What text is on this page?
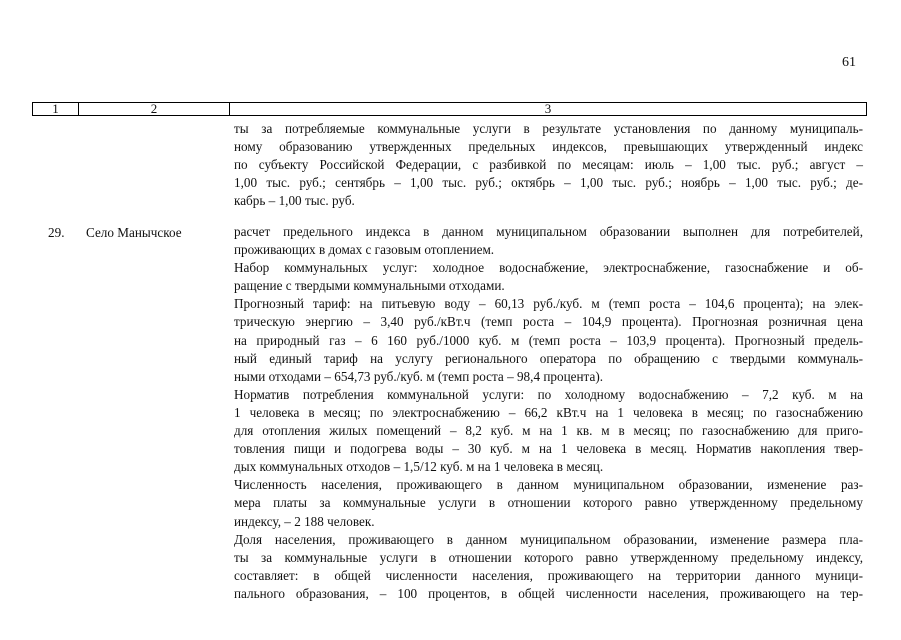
61
1	2	3
ты за потребляемые коммунальные услуги в результате установления по данному муниципаль-
ному образованию утвержденных предельных индексов, превышающих утвержденный индекс
по субъекту Российской Федерации, с разбивкой по месяцам: июль – 1,00 тыс. руб.; август –
1,00 тыс. руб.; сентябрь – 1,00 тыс. руб.; октябрь – 1,00 тыс. руб.; ноябрь – 1,00 тыс. руб.; де-
кабрь – 1,00 тыс. руб.
29. Село Манычское	расчет предельного индекса в данном муниципальном образовании выполнен для потребителей,
проживающих в домах с газовым отоплением.

Набор коммунальных услуг: холодное водоснабжение, электроснабжение, газоснабжение и об-
ращение с твердыми коммунальными отходами.

Прогнозный тариф: на питьевую воду – 60,13 руб./куб. м (темп роста – 104,6 процента); на элек-
трическую энергию – 3,40 руб./кВт.ч (темп роста – 104,9 процента). Прогнозная розничная цена
на природный газ – 6 160 руб./1000 куб. м (темп роста – 103,9 процента). Прогнозный предель-
ный единый тариф на услугу регионального оператора по обращению с твердыми коммуналь-
ными отходами – 654,73 руб./куб. м (темп роста – 98,4 процента).

Норматив потребления коммунальной услуги: по холодному водоснабжению – 7,2 куб. м на
1 человека в месяц; по электроснабжению – 66,2 кВт.ч на 1 человека в месяц; по газоснабжению
для отопления жилых помещений – 8,2 куб. м на 1 кв. м в месяц; по газоснабжению для приго-
товления пищи и подогрева воды – 30 куб. м на 1 человека в месяц. Норматив накопления твер-
дых коммунальных отходов – 1,5/12 куб. м на 1 человека в месяц.

Численность населения, проживающего в данном муниципальном образовании, изменение раз-
мера платы за коммунальные услуги в отношении которого равно утвержденному предельному
индексу, – 2 188 человек.

Доля населения, проживающего в данном муниципальном образовании, изменение размера пла-
ты за коммунальные услуги в отношении которого равно утвержденному предельному индексу,
составляет: в общей численности населения, проживающего на территории данного муници-
пального образования, – 100 процентов, в общей численности населения, проживающего на тер-
